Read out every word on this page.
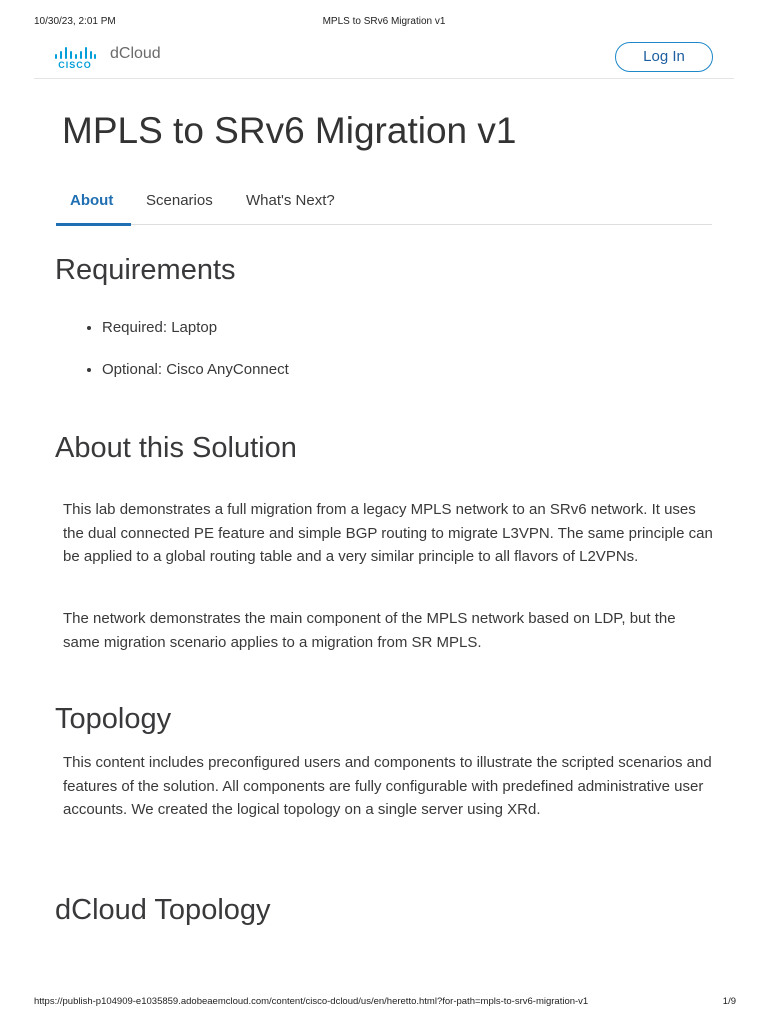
10/30/23, 2:01 PM	MPLS to SRv6 Migration v1
CISCO
dCloud	Log In
MPLS to SRv6 Migration v1
About Scenarios What's Next?
Requirements
• Required: Laptop
• Optional: Cisco AnyConnect
About this Solution

This lab demonstrates a full migration from a legacy MPLS network to an SRv6 network. It uses the dual connected PE feature and simple BGP routing to migrate L3VPN. The same principle can be applied to a global routing table and a very similar principle to all flavors of L2VPNs.

The network demonstrates the main component of the MPLS network based on LDP, but the same migration scenario applies to a migration from SR MPLS.

Topology

This content includes preconfigured users and components to illustrate the scripted scenarios and features of the solution. All components are fully configurable with predefined administrative user accounts. We created the logical topology on a single server using XRd.

dCloud Topology
https://publish-p104909-e1035859.adobeaemcloud.com/content/cisco-dcloud/us/en/heretto.html?for-path=mpls-to-srv6-migration-v1	1/9
